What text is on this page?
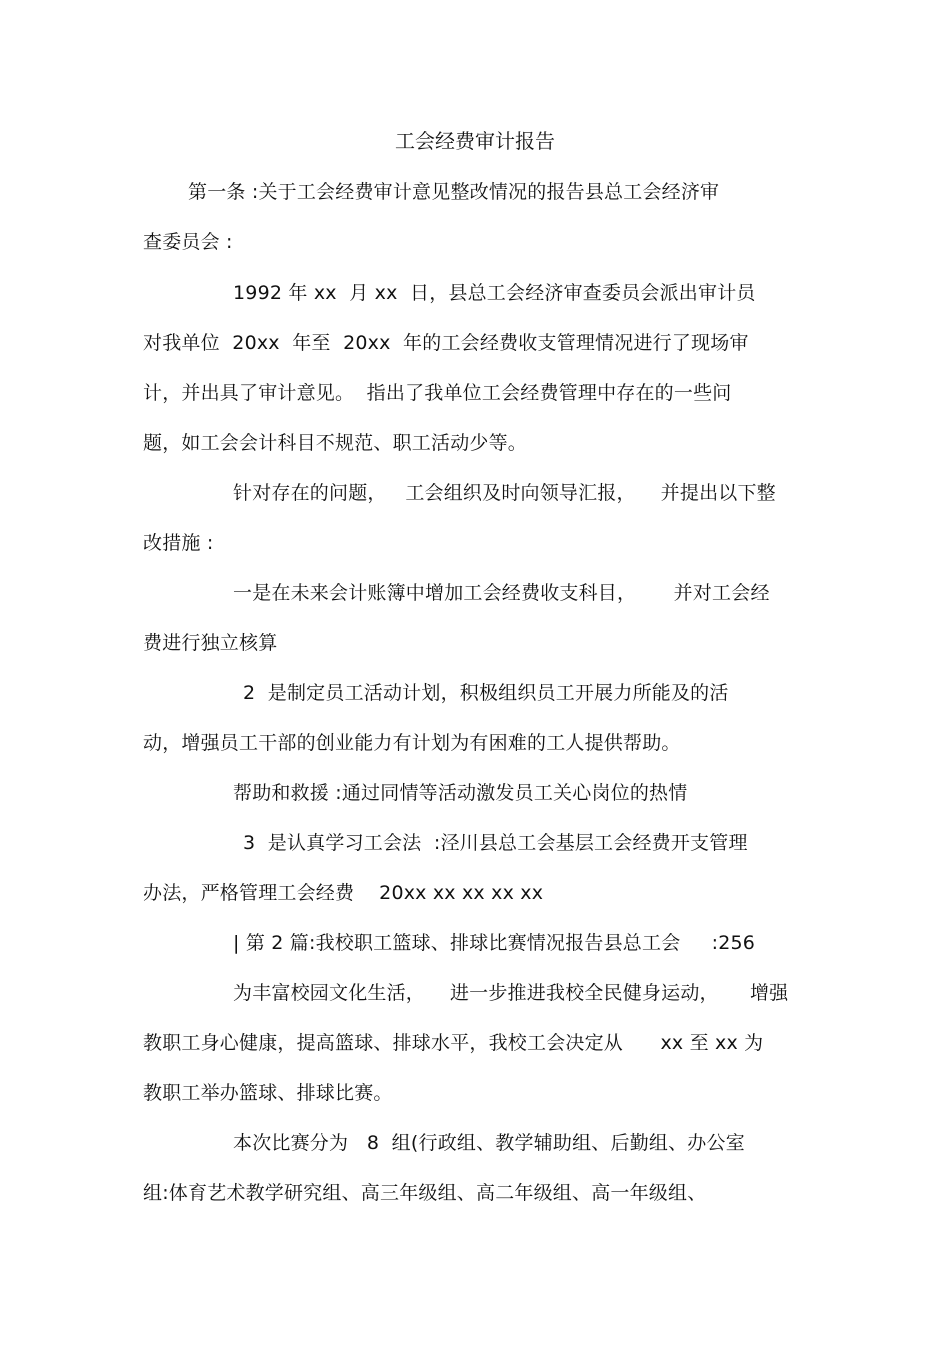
工会经费审计报告
第一条 :关于工会经费审计意见整改情况的报告县总工会经济审
查委员会 :
1992 年 xx  月 xx  日，县总工会经济审查委员会派出审计员
对我单位  20xx  年至  20xx  年的工会经费收支管理情况进行了现场审
计，并出具了审计意见。  指出了我单位工会经费管理中存在的一些问
题，如工会会计科目不规范、职工活动少等。
针对存在的问题，   工会组织及时向领导汇报，    并提出以下整
改措施 :
一是在未来会计账簿中增加工会经费收支科目，      并对工会经
费进行独立核算
2  是制定员工活动计划，积极组织员工开展力所能及的活
动，增强员工干部的创业能力有计划为有困难的工人提供帮助。
帮助和救援 :通过同情等活动激发员工关心岗位的热情
3  是认真学习工会法  :泾川县总工会基层工会经费开支管理
办法，严格管理工会经费    20xx xx xx xx xx
| 第 2 篇:我校职工篮球、排球比赛情况报告县总工会     :256
为丰富校园文化生活，    进一步推进我校全民健身运动，     增强
教职工身心健康，提高篮球、排球水平，我校工会决定从      xx 至 xx 为
教职工举办篮球、排球比赛。
本次比赛分为   8  组(行政组、教学辅助组、后勤组、办公室
组:体育艺术教学研究组、高三年级组、高二年级组、高一年级组、
